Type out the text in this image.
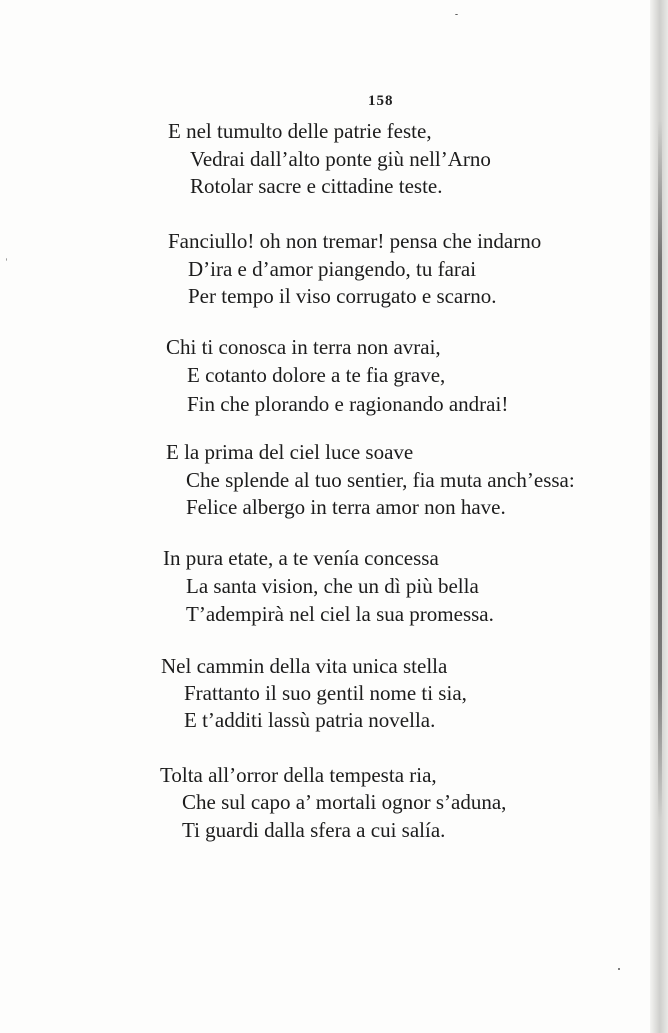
158
E nel tumulto delle patrie feste,
Vedrai dall’alto ponte giù nell’Arno
Rotolar sacre e cittadine teste.
Fanciullo! oh non tremar! pensa che indarno
D’ira e d’amor piangendo, tu farai
Per tempo il viso corrugato e scarno.
Chi ti conosca in terra non avrai,
E cotanto dolore a te fia grave,
Fin che plorando e ragionando andrai!
E la prima del ciel luce soave
Che splende al tuo sentier, fia muta anch’essa:
Felice albergo in terra amor non have.
In pura etate, a te venía concessa
La santa vision, che un dì più bella
T’adempirà nel ciel la sua promessa.
Nel cammin della vita unica stella
Frattanto il suo gentil nome ti sia,
E t’additi lassù patria novella.
Tolta all’orror della tempesta ria,
Che sul capo a’ mortali ognor s’aduna,
Ti guardi dalla sfera a cui salía.
